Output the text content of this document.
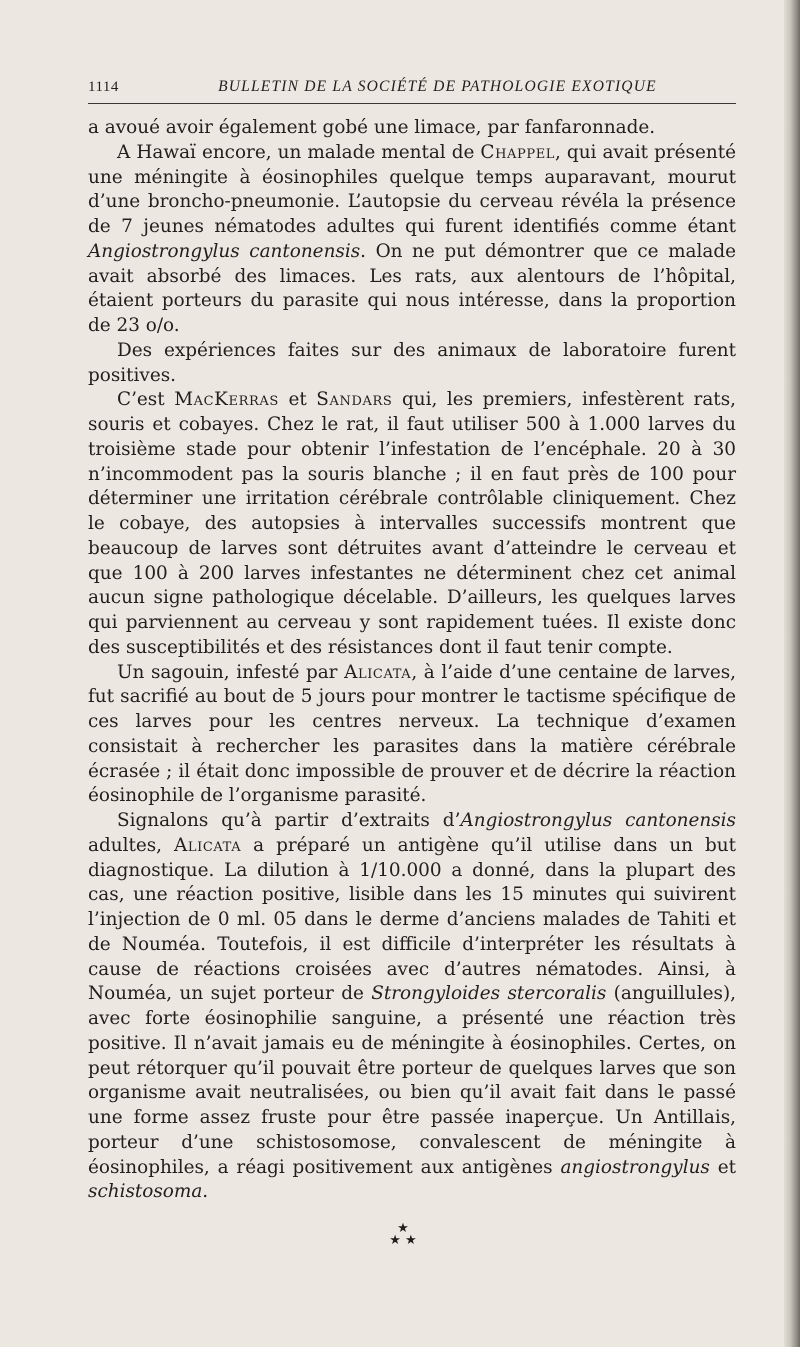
1114	BULLETIN DE LA SOCIÉTÉ DE PATHOLOGIE EXOTIQUE

a avoué avoir également gobé une limace, par fanfaronnade.

A Hawaï encore, un malade mental de Chappel, qui avait présenté une méningite à éosinophiles quelque temps auparavant, mourut d’une broncho-pneumonie. L’autopsie du cerveau révéla la présence de 7 jeunes nématodes adultes qui furent identifiés comme étant Angiostrongylus cantonensis. On ne put démontrer que ce malade avait absorbé des limaces. Les rats, aux alentours de l’hôpital, étaient porteurs du parasite qui nous intéresse, dans la proportion de 23 o/o.

Des expériences faites sur des animaux de laboratoire furent positives.

C’est MacKerras et Sandars qui, les premiers, infestèrent rats, souris et cobayes. Chez le rat, il faut utiliser 500 à 1.000 larves du troisième stade pour obtenir l’infestation de l’encéphale. 20 à 30 n’incommodent pas la souris blanche ; il en faut près de 100 pour déterminer une irritation cérébrale contrôlable cliniquement. Chez le cobaye, des autopsies à intervalles successifs montrent que beaucoup de larves sont détruites avant d’atteindre le cerveau et que 100 à 200 larves infestantes ne déterminent chez cet animal aucun signe pathologique décelable. D’ailleurs, les quelques larves qui parviennent au cerveau y sont rapidement tuées. Il existe donc des susceptibilités et des résistances dont il faut tenir compte.

Un sagouin, infesté par Alicata, à l’aide d’une centaine de larves, fut sacrifié au bout de 5 jours pour montrer le tactisme spécifique de ces larves pour les centres nerveux. La technique d’examen consistait à rechercher les parasites dans la matière cérébrale écrasée ; il était donc impossible de prouver et de décrire la réaction éosinophile de l’organisme parasité.

Signalons qu’à partir d’extraits d’Angiostrongylus cantonensis adultes, Alicata a préparé un antigène qu’il utilise dans un but diagnostique. La dilution à 1/10.000 a donné, dans la plupart des cas, une réaction positive, lisible dans les 15 minutes qui suivirent l’injection de 0 ml. 05 dans le derme d’anciens malades de Tahiti et de Nouméa. Toutefois, il est difficile d’interpréter les résultats à cause de réactions croisées avec d’autres nématodes. Ainsi, à Nouméa, un sujet porteur de Strongyloides stercoralis (anguillules), avec forte éosinophilie sanguine, a présenté une réaction très positive. Il n’avait jamais eu de méningite à éosinophiles. Certes, on peut rétorquer qu’il pouvait être porteur de quelques larves que son organisme avait neutralisées, ou bien qu’il avait fait dans le passé une forme assez fruste pour être passée inaperçue. Un Antillais, porteur d’une schistosomose, convalescent de méningite à éosinophiles, a réagi positivement aux antigènes angiostrongylus et schistosoma.

★
★ ★
